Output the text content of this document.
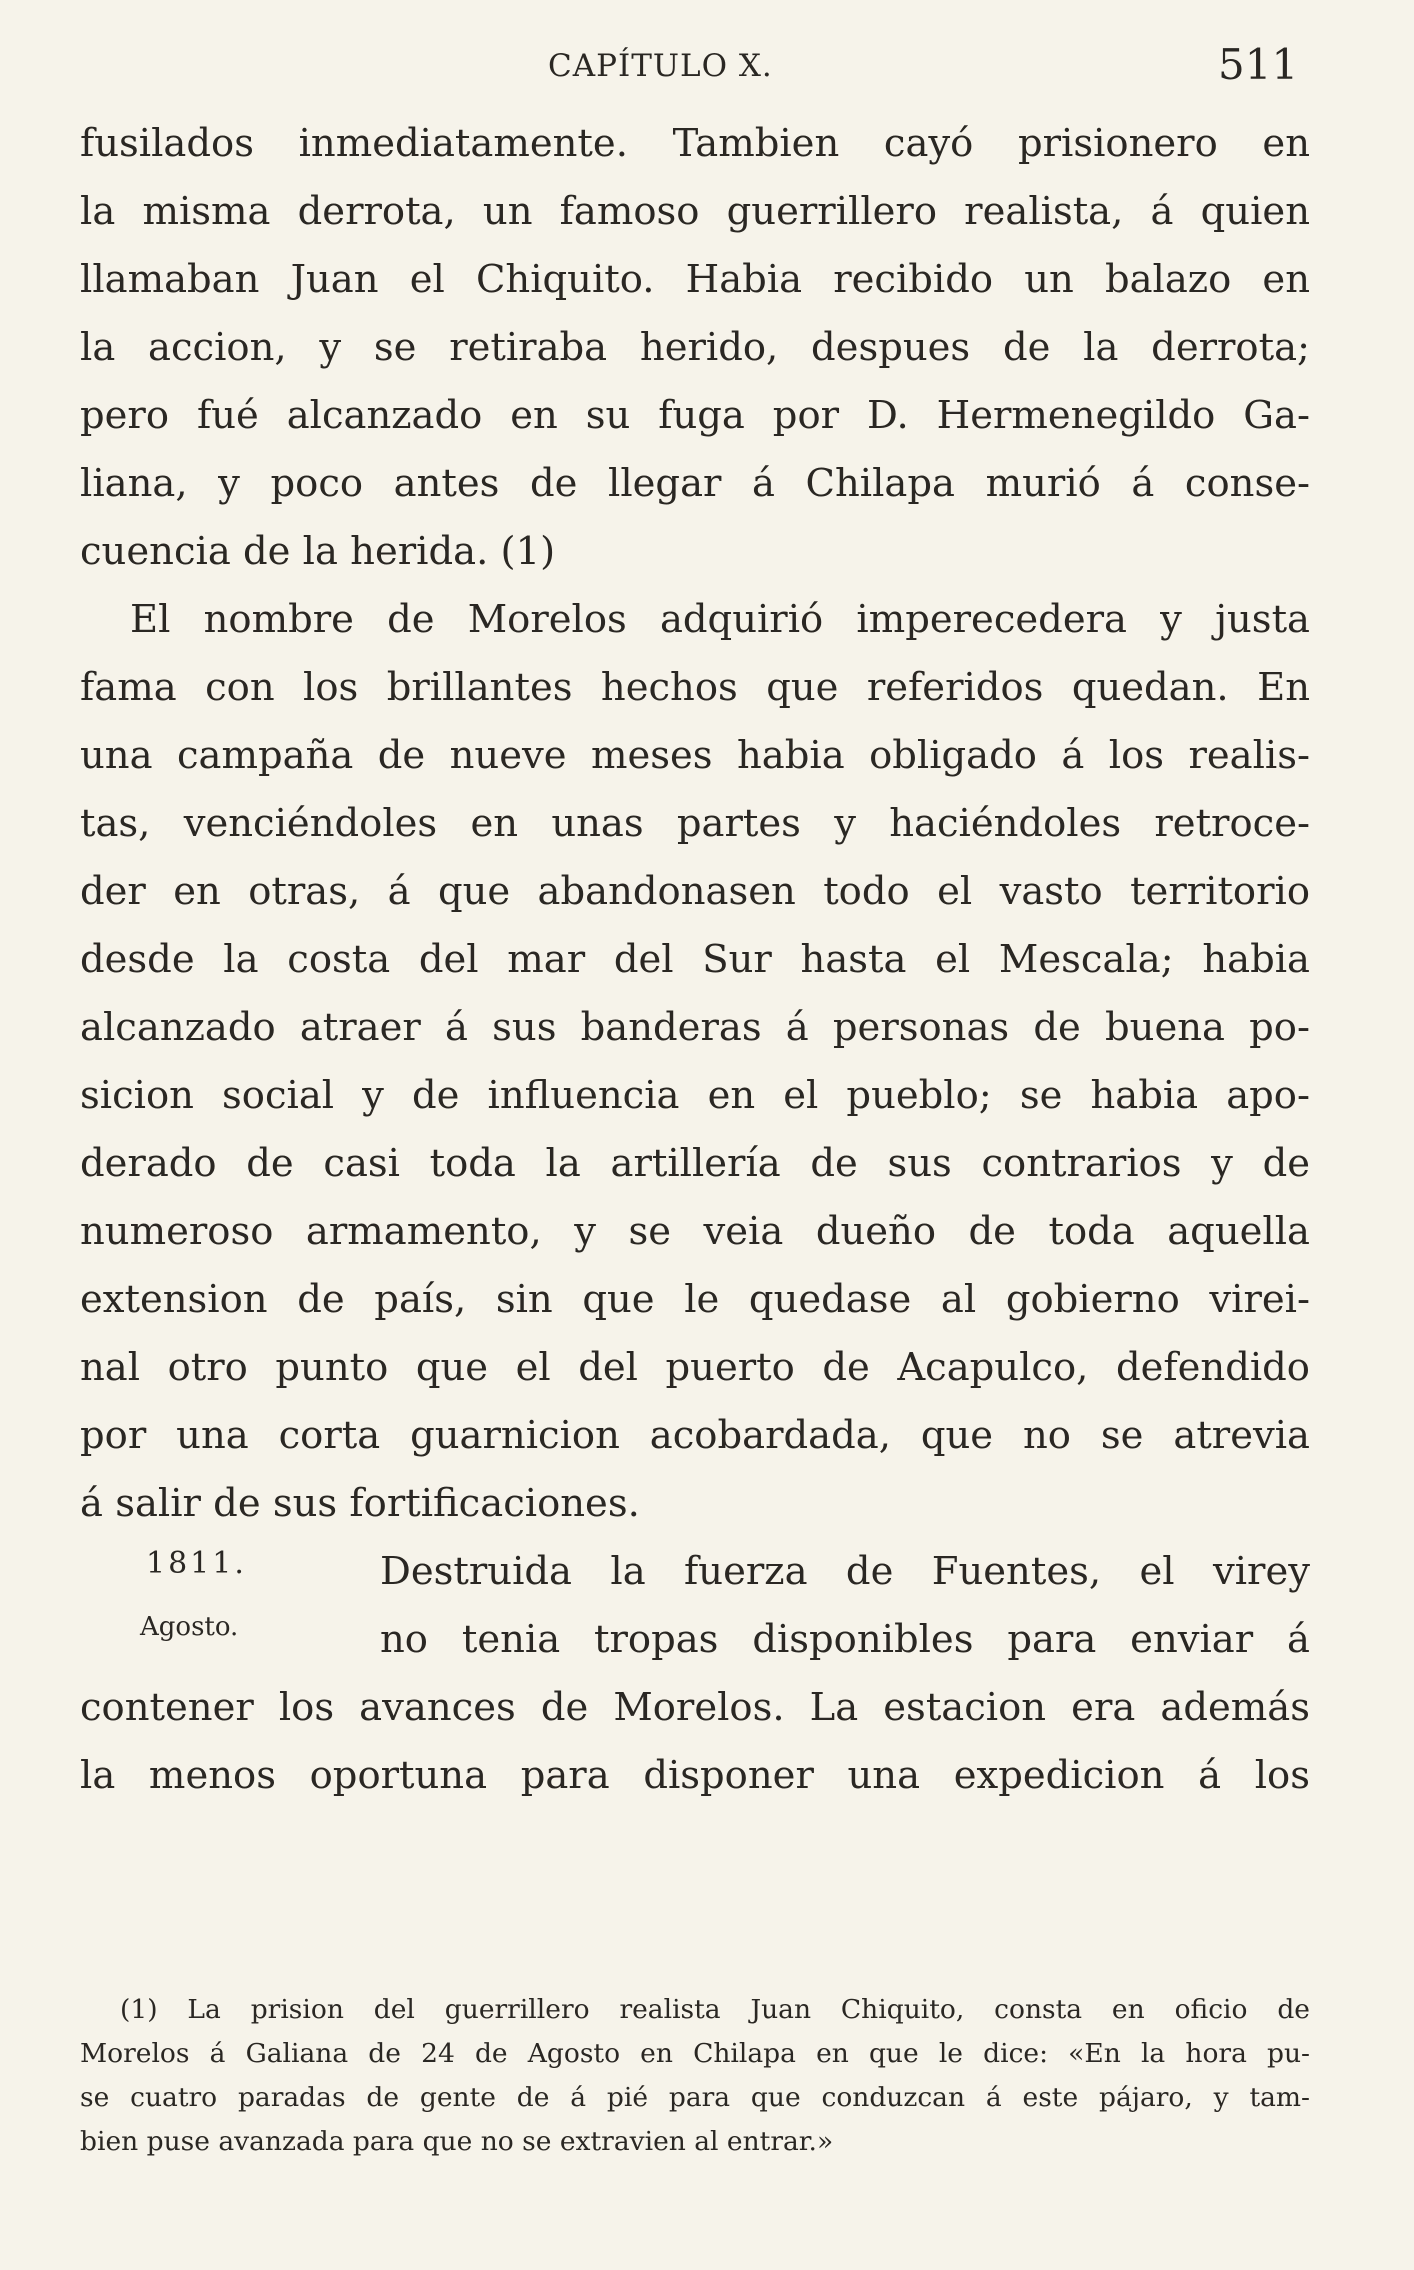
CAPÍTULO X.	511
fusilados inmediatamente. Tambien cayó prisionero en
la misma derrota, un famoso guerrillero realista, á quien
llamaban Juan el Chiquito. Habia recibido un balazo en
la accion, y se retiraba herido, despues de la derrota;
pero fué alcanzado en su fuga por D. Hermenegildo Ga-
liana, y poco antes de llegar á Chilapa murió á conse-
cuencia de la herida. (1)
El nombre de Morelos adquirió imperecedera y justa
fama con los brillantes hechos que referidos quedan. En
una campaña de nueve meses habia obligado á los realis-
tas, venciéndoles en unas partes y haciéndoles retroce-
der en otras, á que abandonasen todo el vasto territorio
desde la costa del mar del Sur hasta el Mescala; habia
alcanzado atraer á sus banderas á personas de buena po-
sicion social y de influencia en el pueblo; se habia apo-
derado de casi toda la artillería de sus contrarios y de
numeroso armamento, y se veia dueño de toda aquella
extension de país, sin que le quedase al gobierno virei-
nal otro punto que el del puerto de Acapulco, defendido
por una corta guarnicion acobardada, que no se atrevia
á salir de sus fortificaciones.
1811.	Destruida la fuerza de Fuentes, el virey
Agosto.	no tenia tropas disponibles para enviar á
contener los avances de Morelos. La estacion era además
la menos oportuna para disponer una expedicion á los
(1) La prision del guerrillero realista Juan Chiquito, consta en oficio de
Morelos á Galiana de 24 de Agosto en Chilapa en que le dice: «En la hora pu-
se cuatro paradas de gente de á pié para que conduzcan á este pájaro, y tam-
bien puse avanzada para que no se extravien al entrar.»
